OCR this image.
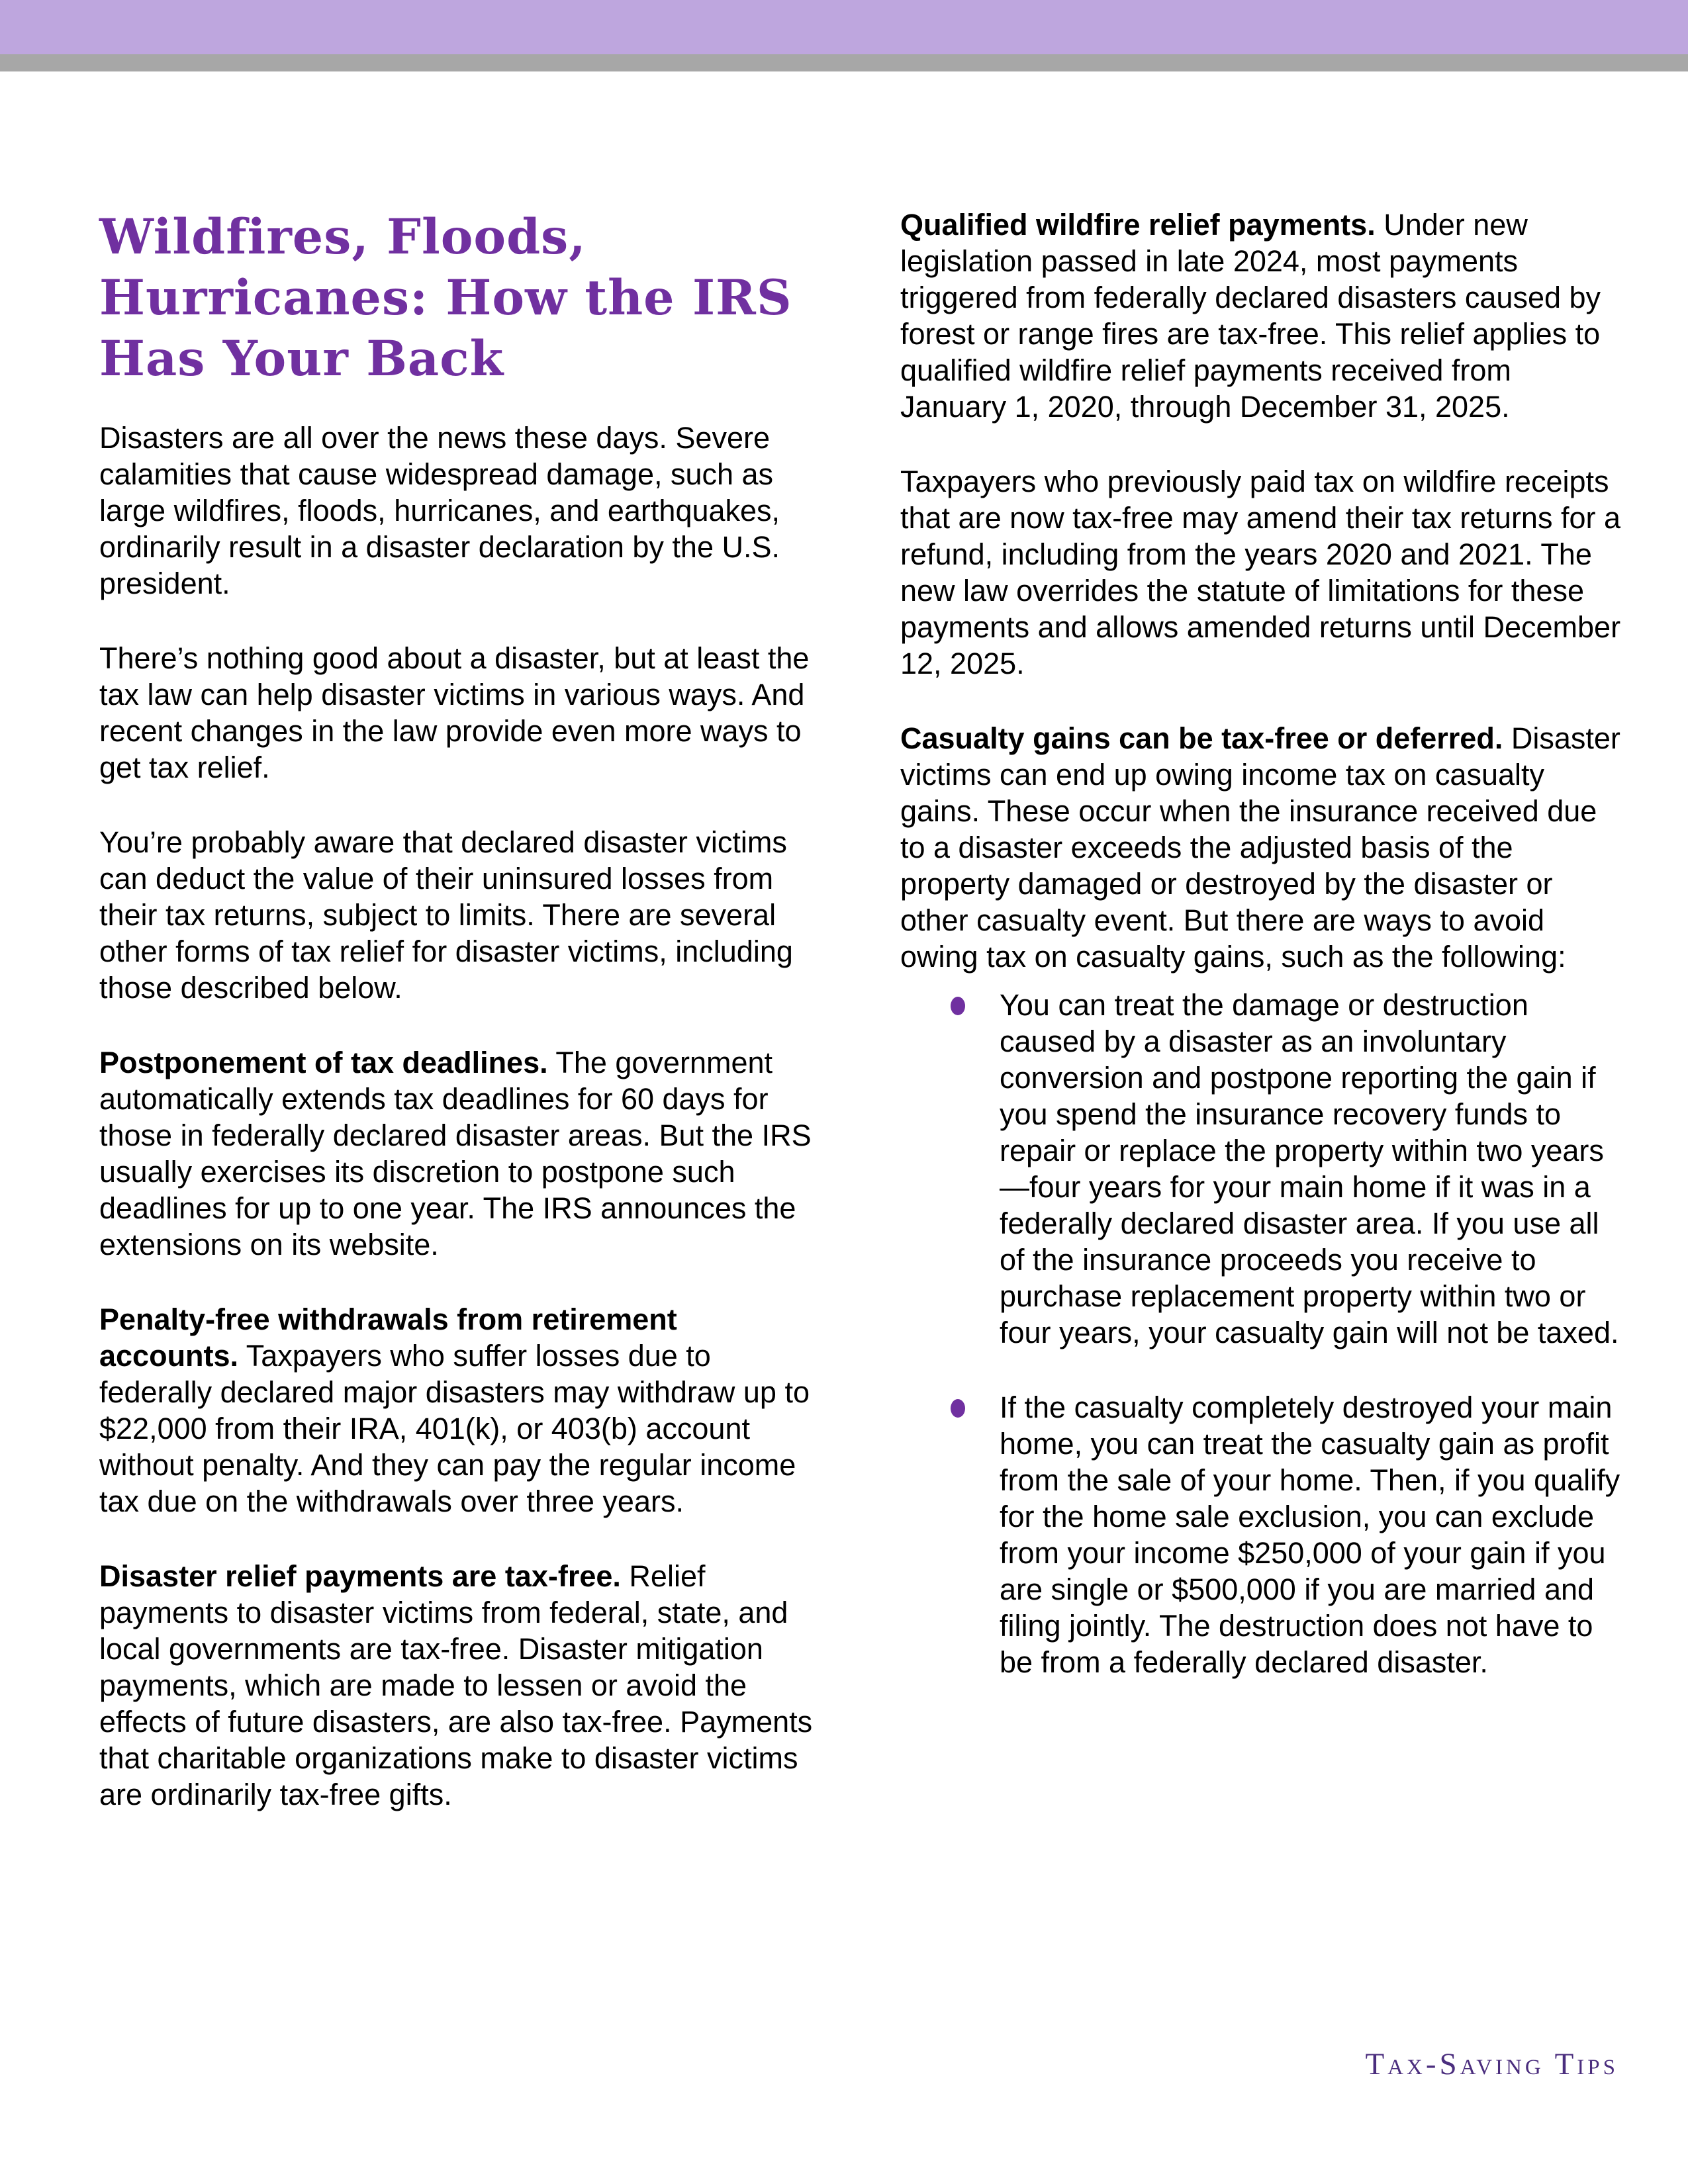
Wildfires, Floods,
Hurricanes: How the IRS
Has Your Back

Disasters are all over the news these days. Severe calamities that cause widespread damage, such as large wildfires, floods, hurricanes, and earthquakes, ordinarily result in a disaster declaration by the U.S. president.

There’s nothing good about a disaster, but at least the tax law can help disaster victims in various ways. And recent changes in the law provide even more ways to get tax relief.

You’re probably aware that declared disaster victims can deduct the value of their uninsured losses from their tax returns, subject to limits. There are several other forms of tax relief for disaster victims, including those described below.

Postponement of tax deadlines. The government automatically extends tax deadlines for 60 days for those in federally declared disaster areas. But the IRS usually exercises its discretion to postpone such deadlines for up to one year. The IRS announces the extensions on its website.

Penalty-free withdrawals from retirement accounts. Taxpayers who suffer losses due to federally declared major disasters may withdraw up to $22,000 from their IRA, 401(k), or 403(b) account without penalty. And they can pay the regular income tax due on the withdrawals over three years.

Disaster relief payments are tax-free. Relief payments to disaster victims from federal, state, and local governments are tax-free. Disaster mitigation payments, which are made to lessen or avoid the effects of future disasters, are also tax-free. Payments that charitable organizations make to disaster victims are ordinarily tax-free gifts.

Qualified wildfire relief payments. Under new legislation passed in late 2024, most payments triggered from federally declared disasters caused by forest or range fires are tax-free. This relief applies to qualified wildfire relief payments received from January 1, 2020, through December 31, 2025.

Taxpayers who previously paid tax on wildfire receipts that are now tax-free may amend their tax returns for a refund, including from the years 2020 and 2021. The new law overrides the statute of limitations for these payments and allows amended returns until December 12, 2025.

Casualty gains can be tax-free or deferred. Disaster victims can end up owing income tax on casualty gains. These occur when the insurance received due to a disaster exceeds the adjusted basis of the property damaged or destroyed by the disaster or other casualty event. But there are ways to avoid owing tax on casualty gains, such as the following:

You can treat the damage or destruction caused by a disaster as an involuntary conversion and postpone reporting the gain if you spend the insurance recovery funds to repair or replace the property within two years—four years for your main home if it was in a federally declared disaster area. If you use all of the insurance proceeds you receive to purchase replacement property within two or four years, your casualty gain will not be taxed.
If the casualty completely destroyed your main home, you can treat the casualty gain as profit from the sale of your home. Then, if you qualify for the home sale exclusion, you can exclude from your income $250,000 of your gain if you are single or $500,000 if you are married and filing jointly. The destruction does not have to be from a federally declared disaster.
Tax-Saving Tips
